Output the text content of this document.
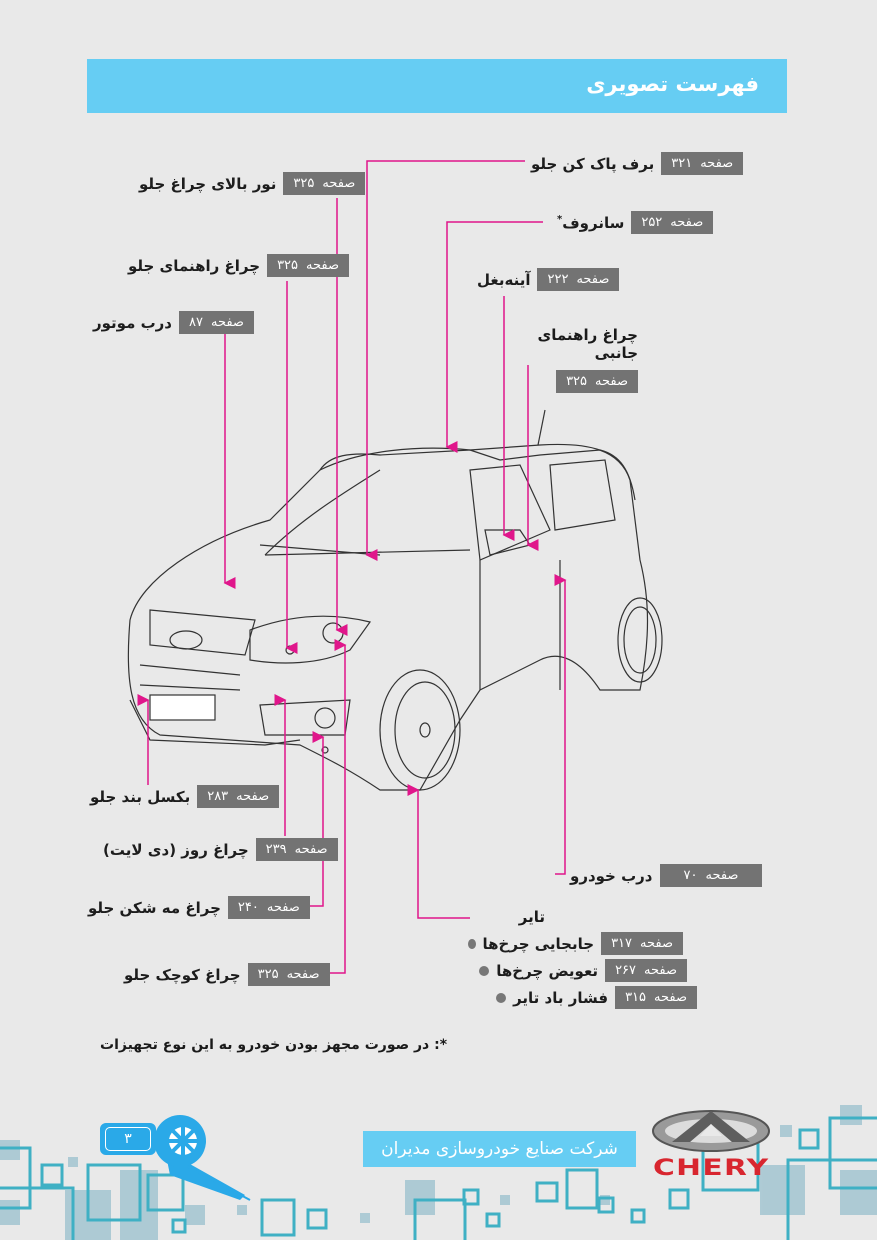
فهرست تصویری
صفحه
۳۲۱
برف پاک کن جلو
صفحه
۳۲۵
نور بالای چراغ جلو
صفحه
۲۵۲
سانروف*
صفحه
۳۲۵
چراغ راهنمای جلو
صفحه
۲۲۲
آینه‌بغل
صفحه
۸۷
درب موتور
چراغ راهنمای جانبی
صفحه
۳۲۵
صفحه
۲۸۳
بکسل بند جلو
صفحه
۲۳۹
چراغ روز (دی لایت)
صفحه
۷۰
درب خودرو
صفحه
۲۴۰
چراغ مه شکن جلو
صفحه
۳۲۵
چراغ کوچک جلو
تایر
صفحه
۳۱۷
جابجایی چرخ‌ها
صفحه
۲۶۷
تعویض چرخ‌ها
صفحه
۳۱۵
فشار باد تایر
*: در صورت مجهز بودن خودرو به این نوع تجهیزات
۳	شرکت صنایع خودروسازی مدیران
CHERY
